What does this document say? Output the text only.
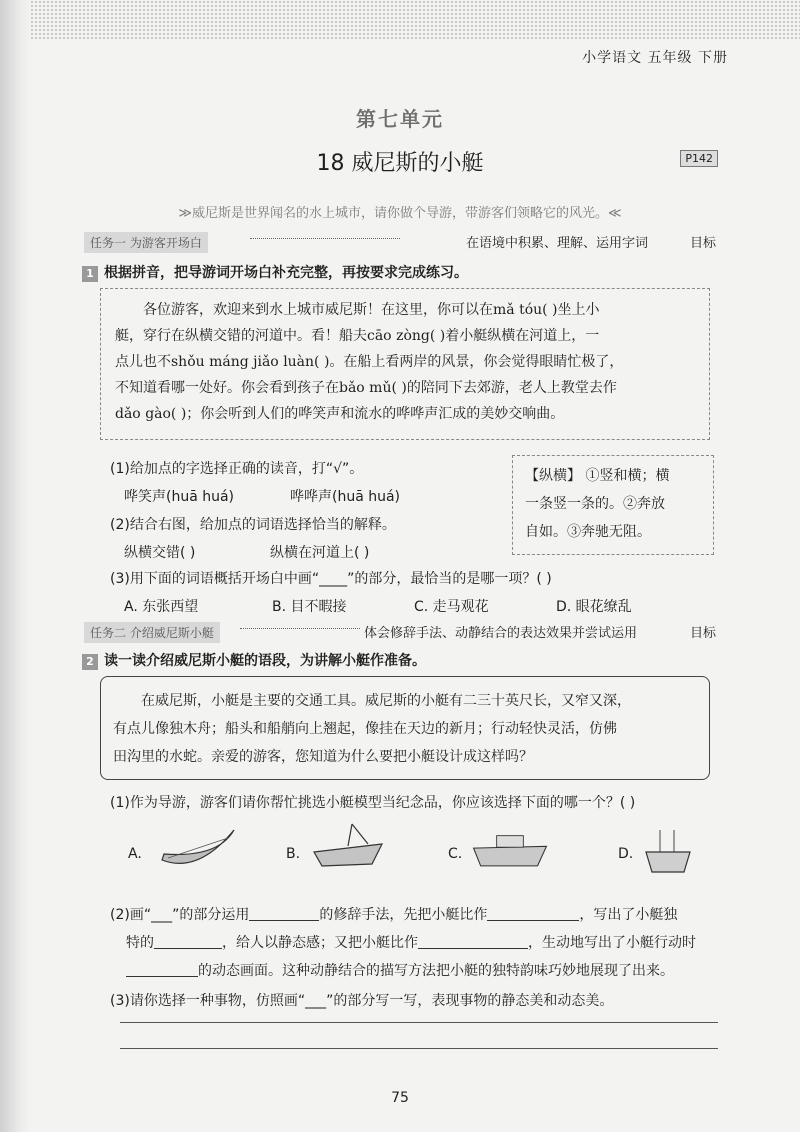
小学语文 五年级 下册
第七单元
18 威尼斯的小艇	P142
≫威尼斯是世界闻名的水上城市，请你做个导游，带游客们领略它的风光。≪
任务一 为游客开场白	在语境中积累、理解、运用字词	目标
1 根据拼音，把导游词开场白补充完整，再按要求完成练习。

各位游客，欢迎来到水上城市威尼斯！在这里，你可以在mǎ tóu( )坐上小

艇，穿行在纵横交错的河道中。看！船夫cāo zòng( )着小艇纵横在河道上，一

点儿也不shǒu máng jiǎo luàn( )。在船上看两岸的风景，你会觉得眼睛忙极了，

不知道看哪一处好。你会看到孩子在bǎo mǔ( )的陪同下去郊游，老人上教堂去作

dǎo gào( )；你会听到人们的哗笑声和流水的哗哗声汇成的美妙交响曲。

(1)给加点的字选择正确的读音，打“√”。
哗笑声(huā huá)	哗哗声(huā huá)
(2)结合右图，给加点的词语选择恰当的解释。
纵横交错( )	纵横在河道上( )

【纵横】 ①竖和横；横

一条竖一条的。②奔放

自如。③奔驰无阻。

(3)用下面的词语概括开场白中画“____”的部分，最恰当的是哪一项？( )
A. 东张西望	B. 目不暇接	C. 走马观花	D. 眼花缭乱
任务二 介绍威尼斯小艇	体会修辞手法、动静结合的表达效果并尝试运用	目标
2 读一读介绍威尼斯小艇的语段，为讲解小艇作准备。

在威尼斯，小艇是主要的交通工具。威尼斯的小艇有二三十英尺长，又窄又深，

有点儿像独木舟；船头和船艄向上翘起，像挂在天边的新月；行动轻快灵活，仿佛

田沟里的水蛇。亲爱的游客，您知道为什么要把小艇设计成这样吗？

(1)作为导游，游客们请你帮忙挑选小艇模型当纪念品，你应该选择下面的哪一个？( )
A.	B.	C.	D.
(2)画“___”的部分运用	的修辞手法，先把小艇比作	，写出了小艇独
特的	，给人以静态感；又把小艇比作	，生动地写出了小艇行动时
的动态画面。这种动静结合的描写方法把小艇的独特韵味巧妙地展现了出来。
(3)请你选择一种事物，仿照画“___”的部分写一写，表现事物的静态美和动态美。
75
